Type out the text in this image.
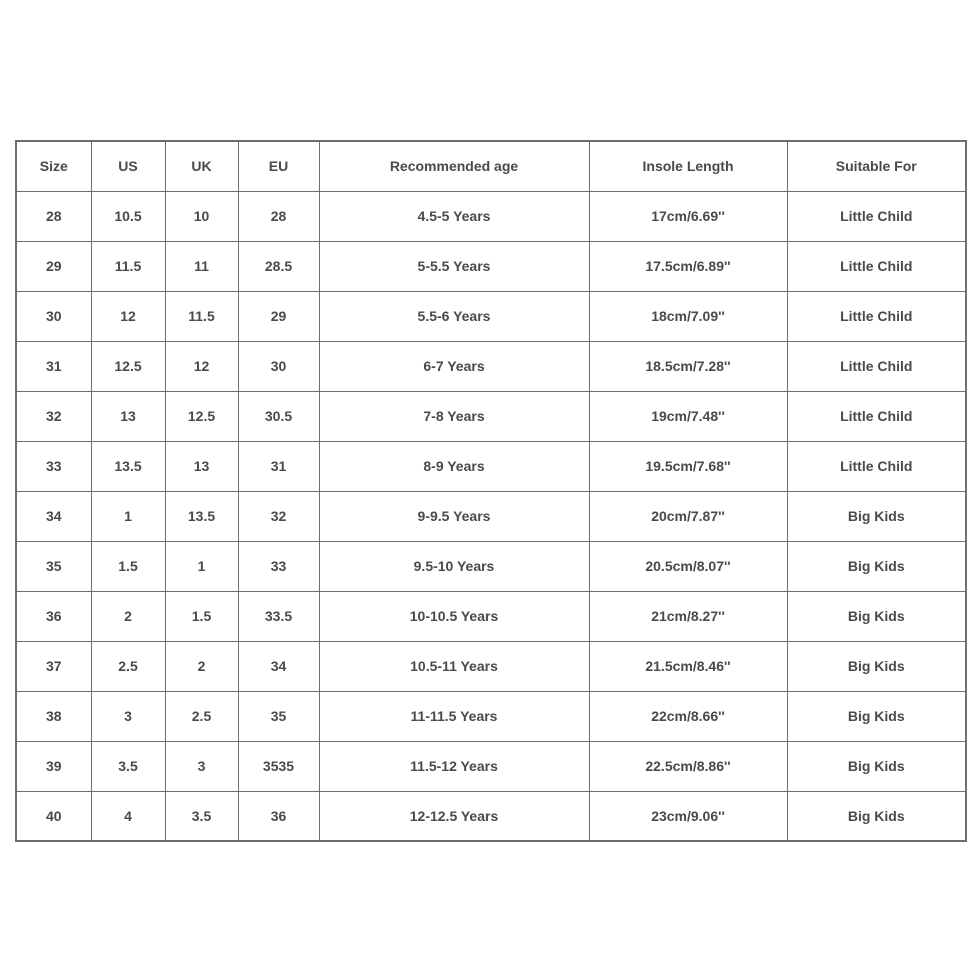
Size	US	UK	EU	Recommended age	Insole Length	Suitable For
28	10.5	10	28	4.5-5 Years	17cm/6.69''	Little Child
29	11.5	11	28.5	5-5.5 Years	17.5cm/6.89''	Little Child
30	12	11.5	29	5.5-6 Years	18cm/7.09''	Little Child
31	12.5	12	30	6-7 Years	18.5cm/7.28''	Little Child
32	13	12.5	30.5	7-8 Years	19cm/7.48''	Little Child
33	13.5	13	31	8-9 Years	19.5cm/7.68''	Little Child
34	1	13.5	32	9-9.5 Years	20cm/7.87''	Big Kids
35	1.5	1	33	9.5-10 Years	20.5cm/8.07''	Big Kids
36	2	1.5	33.5	10-10.5 Years	21cm/8.27''	Big Kids
37	2.5	2	34	10.5-11 Years	21.5cm/8.46''	Big Kids
38	3	2.5	35	11-11.5 Years	22cm/8.66''	Big Kids
39	3.5	3	3535	11.5-12 Years	22.5cm/8.86''	Big Kids
40	4	3.5	36	12-12.5 Years	23cm/9.06''	Big Kids
